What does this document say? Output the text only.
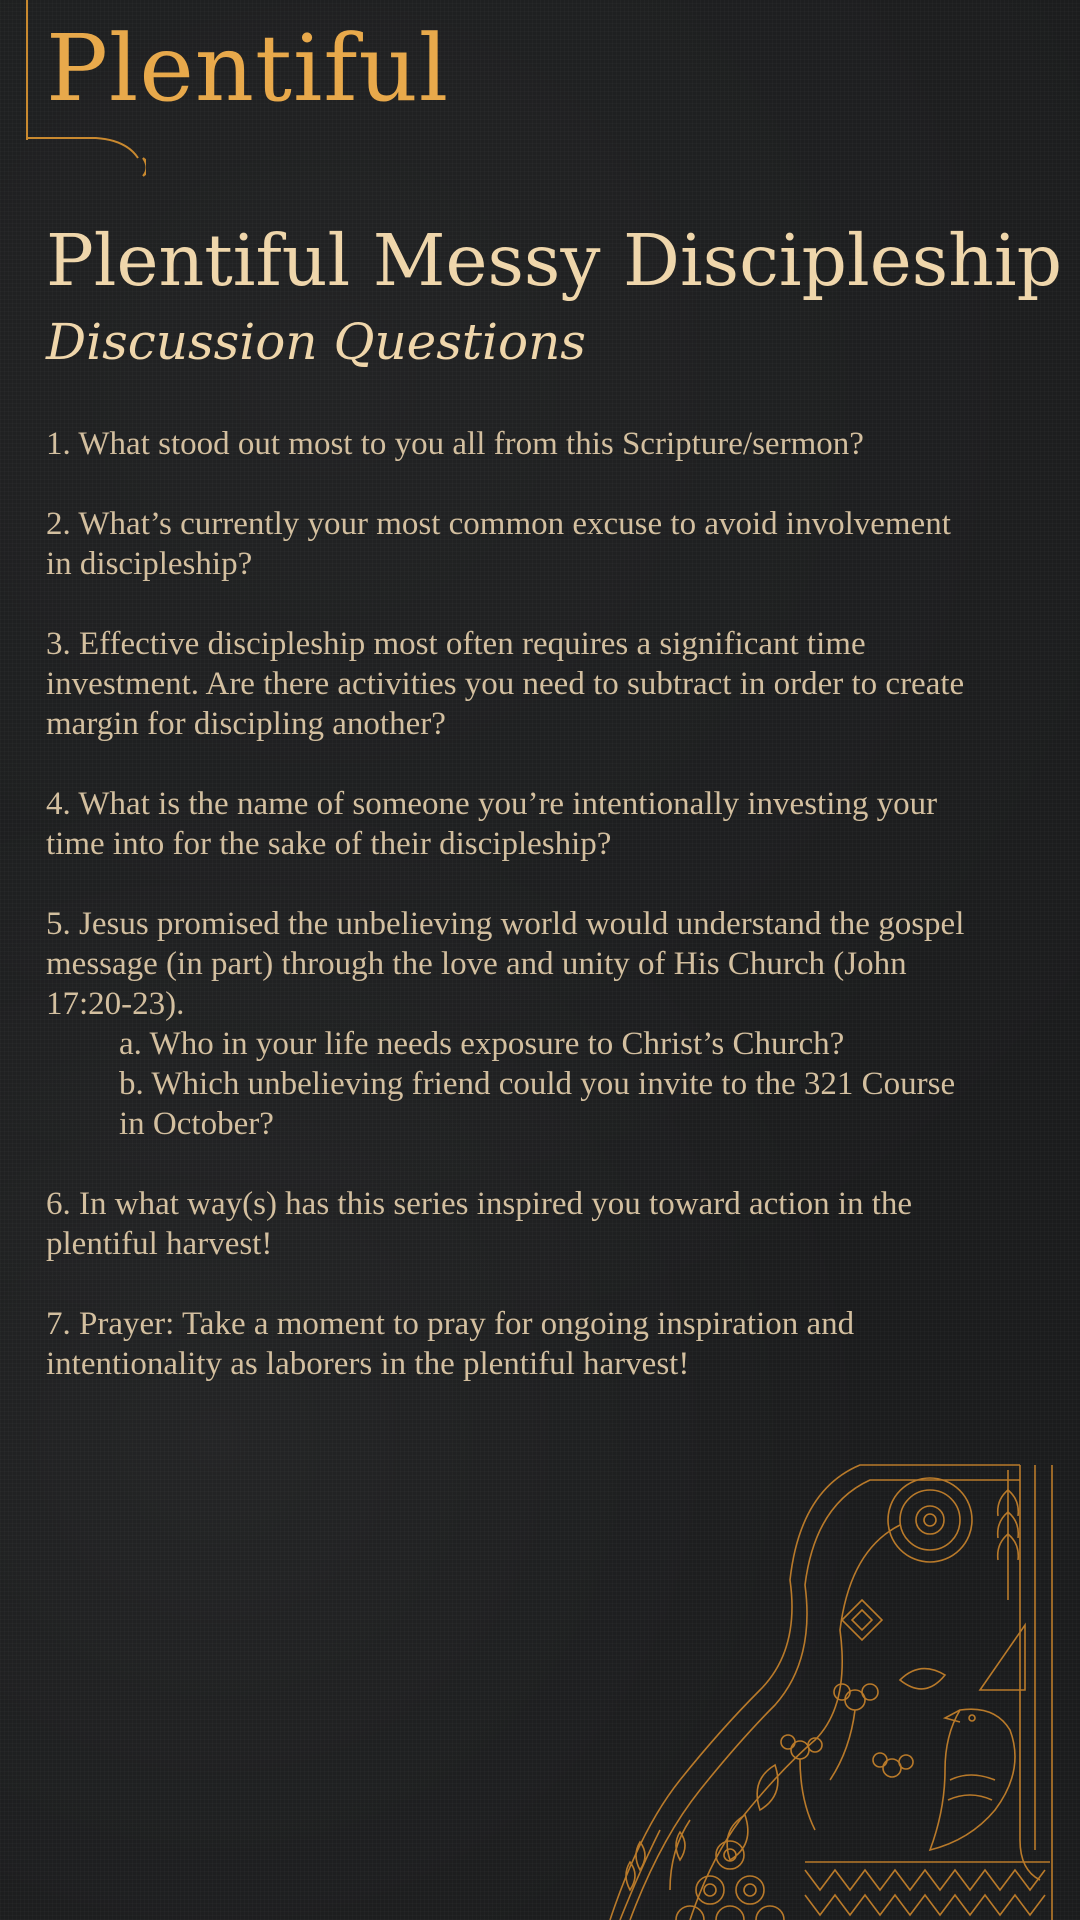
Plentiful
Plentiful Messy Discipleship
Discussion Questions
1. What stood out most to you all from this Scripture/sermon?
2. What’s currently your most common excuse to avoid involvement in discipleship?
3. Effective discipleship most often requires a significant time investment. Are there activities you need to subtract in order to create margin for discipling another?
4. What is the name of someone you’re intentionally investing your time into for the sake of their discipleship?
5. Jesus promised the unbelieving world would understand the gospel message (in part) through the love and unity of His Church (John 17:20-23).
a. Who in your life needs exposure to Christ’s Church?
b. Which unbelieving friend could you invite to the 321 Course in October?
6. In what way(s) has this series inspired you toward action in the plentiful harvest!
7. Prayer: Take a moment to pray for ongoing inspiration and intentionality as laborers in the plentiful harvest!
